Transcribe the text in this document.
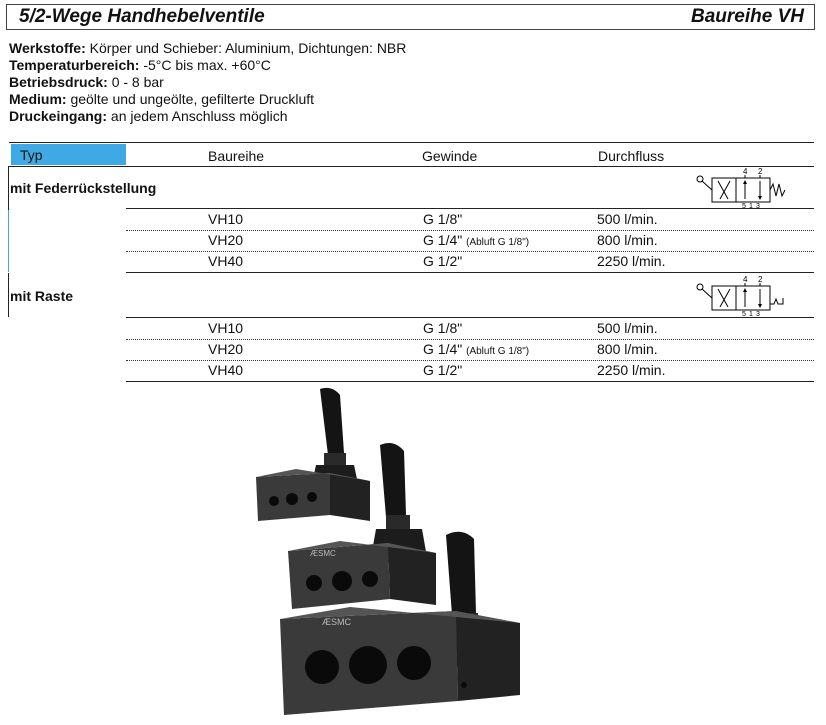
5/2-Wege Handhebelventile	Baureihe VH
Werkstoffe: Körper und Schieber: Aluminium, Dichtungen: NBR
Temperaturbereich: -5°C bis max. +60°C
Betriebsdruck: 0 - 8 bar
Medium: geölte und ungeölte, gefilterte Druckluft
Druckeingang: an jedem Anschluss möglich
Typ	Baureihe	Gewinde	Durchfluss
mit Federrückstellung
4 2
5 1 3
VH10	G 1/8"	500 l/min.
VH20	G 1/4" (Abluft G 1/8")	800 l/min.
VH40	G 1/2"	2250 l/min.
mit Raste
4 2
5 1 3
VH10	G 1/8"	500 l/min.
VH20	G 1/4" (Abluft G 1/8")	800 l/min.
VH40	G 1/2"	2250 l/min.
ÆSMC
ÆSMC
